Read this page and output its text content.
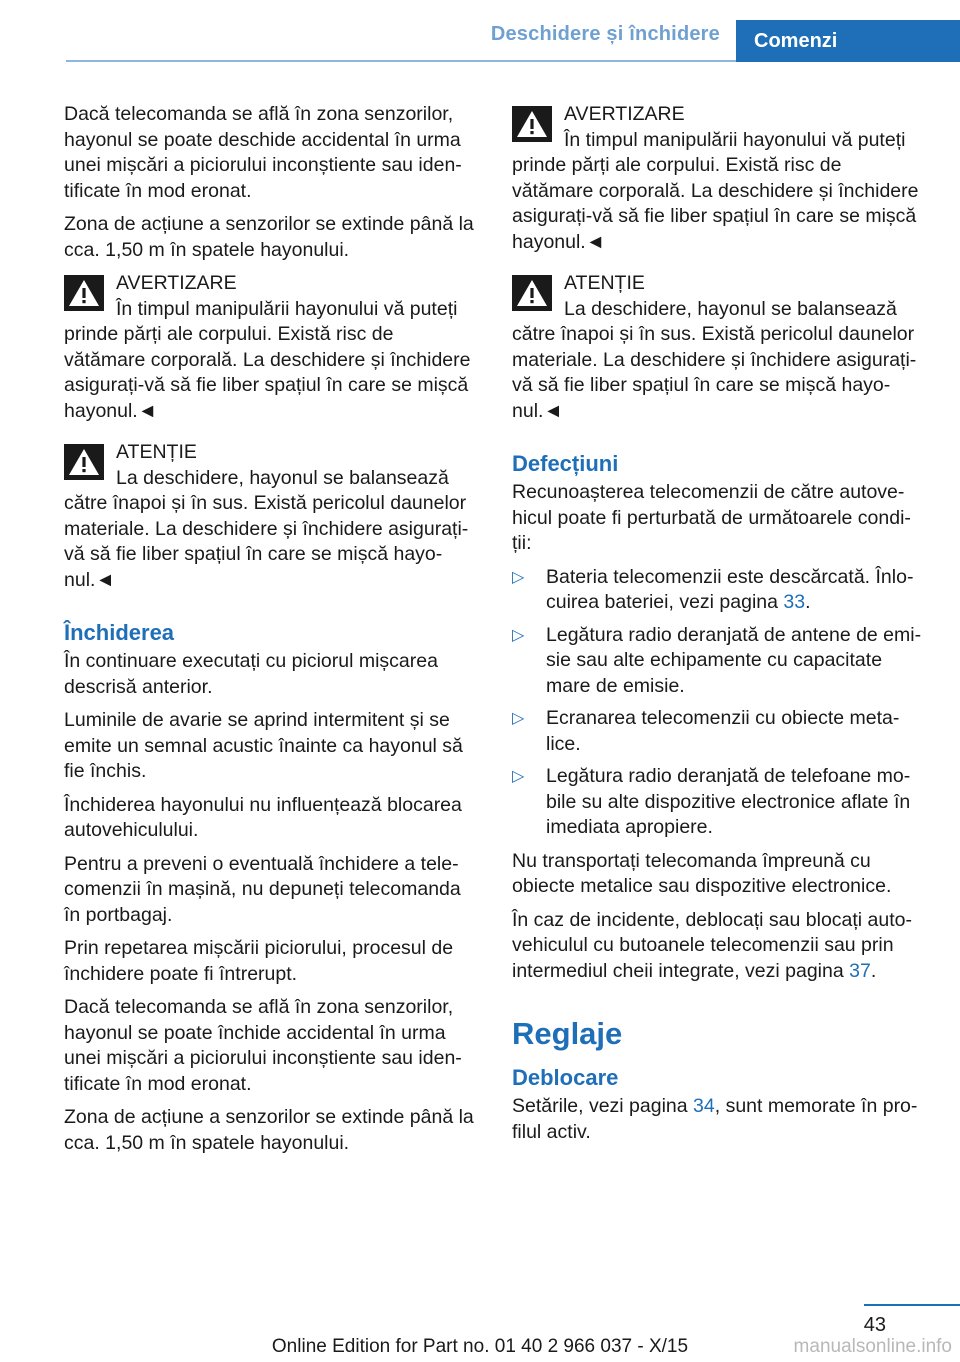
Deschidere și închidere Comenzi

Dacă telecomanda se află în zona senzorilor, hayonul se poate deschide accidental în urma unei mișcări a piciorului inconștiente sau iden‐tificate în mod eronat.

Zona de acțiune a senzorilor se extinde până la cca. 1,50 m în spatele hayonului.

AVERTIZARE
În timpul manipulării hayonului vă puteți
prinde părți ale corpului. Există risc de vătămare corporală. La deschidere și închidere asigurați-vă să fie liber spațiul în care se mișcă hayonul.◄
ATENȚIE
La deschidere, hayonul se balansează
către înapoi și în sus. Există pericolul daunelor materiale. La deschidere și închidere asigurați-vă să fie liber spațiul în care se mișcă hayo‐nul.◄
Închiderea

În continuare executați cu piciorul mișcarea descrisă anterior.

Luminile de avarie se aprind intermitent și se emite un semnal acustic înainte ca hayonul să fie închis.

Închiderea hayonului nu influențează blocarea autovehiculului.

Pentru a preveni o eventuală închidere a tele‐comenzii în mașină, nu depuneți telecomanda în portbagaj.

Prin repetarea mișcării piciorului, procesul de închidere poate fi întrerupt.

Dacă telecomanda se află în zona senzorilor, hayonul se poate închide accidental în urma unei mișcări a piciorului inconștiente sau iden‐tificate în mod eronat.

Zona de acțiune a senzorilor se extinde până la cca. 1,50 m în spatele hayonului.

AVERTIZARE
În timpul manipulării hayonului vă puteți
prinde părți ale corpului. Există risc de vătămare corporală. La deschidere și închidere asigurați-vă să fie liber spațiul în care se mișcă hayonul.◄
ATENȚIE
La deschidere, hayonul se balansează
către înapoi și în sus. Există pericolul daunelor materiale. La deschidere și închidere asigurați-vă să fie liber spațiul în care se mișcă hayo‐nul.◄
Defecțiuni

Recunoașterea telecomenzii de către autove‐hicul poate fi perturbată de următoarele condi‐ții:

▷ Bateria telecomenzii este descărcată. Înlo‐cuirea bateriei, vezi pagina 33.
▷ Legătura radio deranjată de antene de emi‐sie sau alte echipamente cu capacitate mare de emisie.
▷ Ecranarea telecomenzii cu obiecte meta‐lice.
▷ Legătura radio deranjată de telefoane mo‐bile su alte dispozitive electronice aflate în imediata apropiere.

Nu transportați telecomanda împreună cu obiecte metalice sau dispozitive electronice.

În caz de incidente, deblocați sau blocați auto‐vehiculul cu butoanele telecomenzii sau prin intermediul cheii integrate, vezi pagina 37.

Reglaje
Deblocare

Setările, vezi pagina 34, sunt memorate în pro‐filul activ.

43
Online Edition for Part no. 01 40 2 966 037 - X/15	manualsonline.info
